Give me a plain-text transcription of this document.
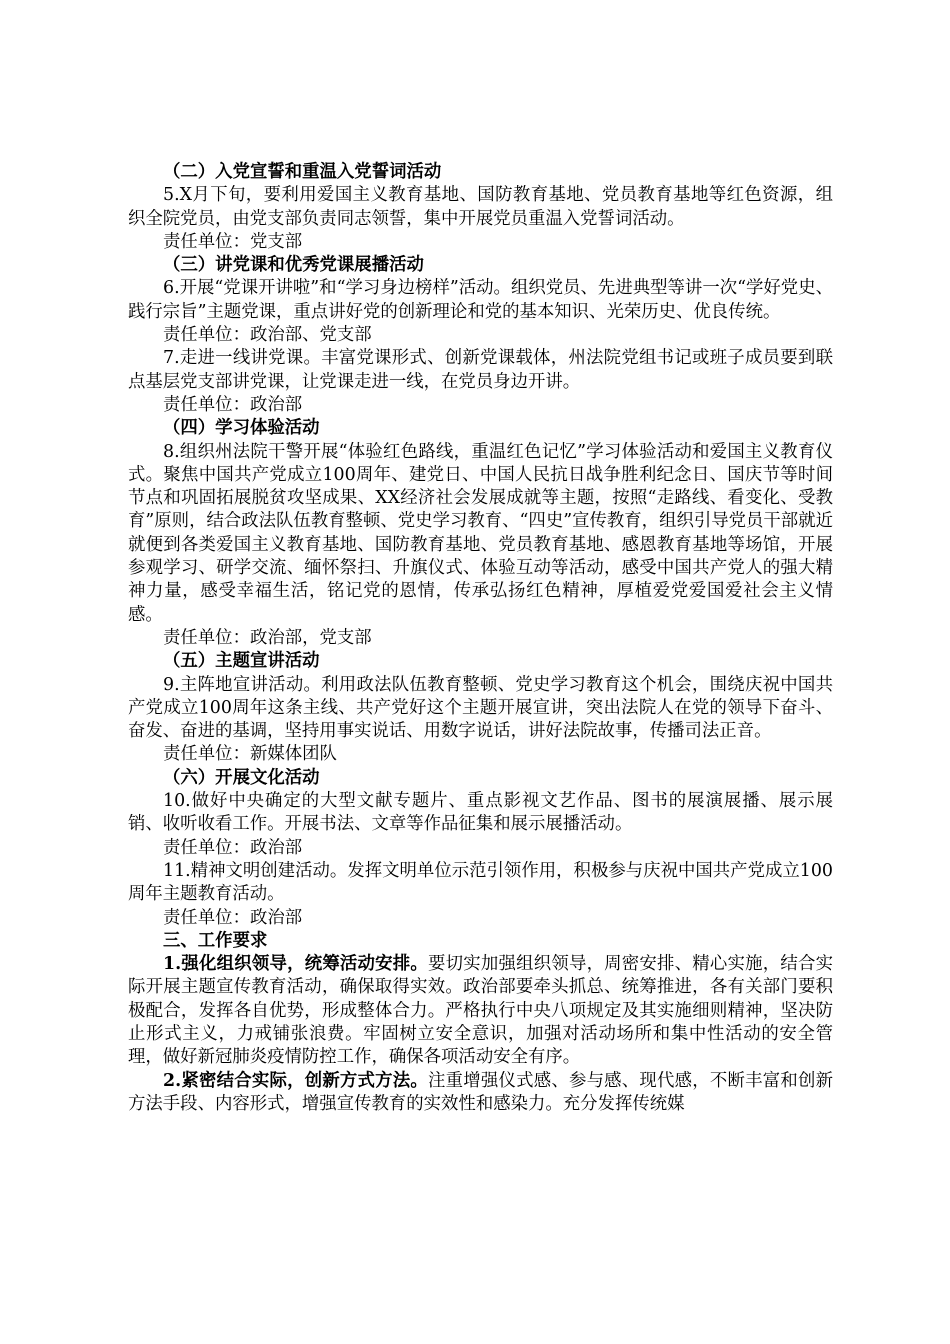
（二）入党宣誓和重温入党誓词活动

5.X月下旬，要利用爱国主义教育基地、国防教育基地、党员教育基地等红色资源，组织全院党员，由党支部负责同志领誓，集中开展党员重温入党誓词活动。

责任单位：党支部

（三）讲党课和优秀党课展播活动

6.开展“党课开讲啦”和“学习身边榜样”活动。组织党员、先进典型等讲一次“学好党史、践行宗旨”主题党课，重点讲好党的创新理论和党的基本知识、光荣历史、优良传统。

责任单位：政治部、党支部

7.走进一线讲党课。丰富党课形式、创新党课载体，州法院党组书记或班子成员要到联点基层党支部讲党课，让党课走进一线，在党员身边开讲。

责任单位：政治部

（四）学习体验活动

8.组织州法院干警开展“体验红色路线，重温红色记忆”学习体验活动和爱国主义教育仪式。聚焦中国共产党成立100周年、建党日、中国人民抗日战争胜利纪念日、国庆节等时间节点和巩固拓展脱贫攻坚成果、XX经济社会发展成就等主题，按照“走路线、看变化、受教育”原则，结合政法队伍教育整顿、党史学习教育、“四史”宣传教育，组织引导党员干部就近就便到各类爱国主义教育基地、国防教育基地、党员教育基地、感恩教育基地等场馆，开展参观学习、研学交流、缅怀祭扫、升旗仪式、体验互动等活动，感受中国共产党人的强大精神力量，感受幸福生活，铭记党的恩情，传承弘扬红色精神，厚植爱党爱国爱社会主义情感。

责任单位：政治部，党支部

（五）主题宣讲活动

9.主阵地宣讲活动。利用政法队伍教育整顿、党史学习教育这个机会，围绕庆祝中国共产党成立100周年这条主线、共产党好这个主题开展宣讲，突出法院人在党的领导下奋斗、奋发、奋进的基调，坚持用事实说话、用数字说话，讲好法院故事，传播司法正音。

责任单位：新媒体团队

（六）开展文化活动

10.做好中央确定的大型文献专题片、重点影视文艺作品、图书的展演展播、展示展销、收听收看工作。开展书法、文章等作品征集和展示展播活动。

责任单位：政治部

11.精神文明创建活动。发挥文明单位示范引领作用，积极参与庆祝中国共产党成立100周年主题教育活动。

责任单位：政治部

三、工作要求

1.强化组织领导，统筹活动安排。要切实加强组织领导，周密安排、精心实施，结合实际开展主题宣传教育活动，确保取得实效。政治部要牵头抓总、统筹推进，各有关部门要积极配合，发挥各自优势，形成整体合力。严格执行中央八项规定及其实施细则精神，坚决防止形式主义，力戒铺张浪费。牢固树立安全意识，加强对活动场所和集中性活动的安全管理，做好新冠肺炎疫情防控工作，确保各项活动安全有序。

2.紧密结合实际，创新方式方法。注重增强仪式感、参与感、现代感，不断丰富和创新方法手段、内容形式，增强宣传教育的实效性和感染力。充分发挥传统媒
